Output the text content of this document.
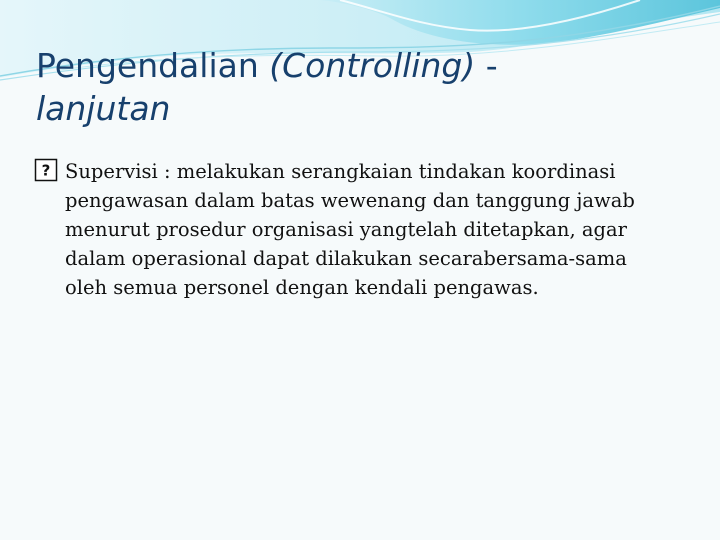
Pengendalian (Controlling) -
lanjutan
? Supervisi : melakukan serangkaian tindakan koordinasi pengawasan dalam batas wewenang dan tanggung jawab menurut prosedur organisasi yangtelah ditetapkan, agar dalam operasional dapat dilakukan secarabersama-sama oleh semua personel dengan kendali pengawas.
